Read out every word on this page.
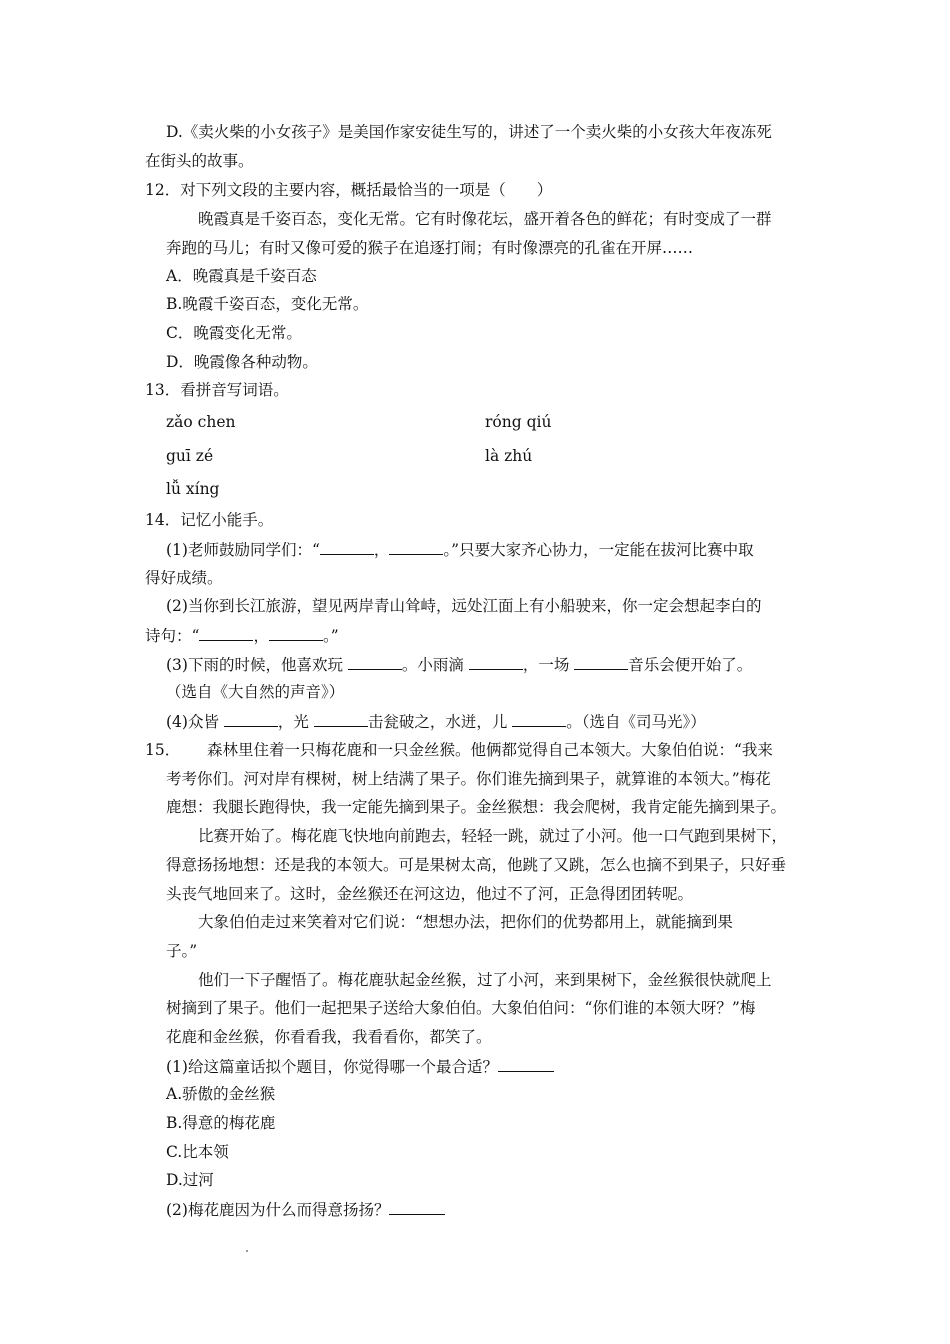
D.《卖火柴的小女孩子》是美国作家安徒生写的，讲述了一个卖火柴的小女孩大年夜冻死
在街头的故事。
12．对下列文段的主要内容，概括最恰当的一项是（　　）
晚霞真是千姿百态，变化无常。它有时像花坛，盛开着各色的鲜花；有时变成了一群
奔跑的马儿；有时又像可爱的猴子在追逐打闹；有时像漂亮的孔雀在开屏……
A．晚霞真是千姿百态
B.晚霞千姿百态，变化无常。
C．晚霞变化无常。
D．晚霞像各种动物。
13．看拼音写词语。
zǎo chen	róng qiú
guī zé	là zhú
lǚ xíng
14．记忆小能手。
(1)老师鼓励同学们：“	，	。”只要大家齐心协力，一定能在拔河比赛中取
得好成绩。
(2)当你到长江旅游，望见两岸青山耸峙，远处江面上有小船驶来，你一定会想起李白的
诗句：“	，	。”
(3)下雨的时候，他喜欢玩	。小雨滴	，一场	音乐会便开始了。
（选自《大自然的声音》）
(4)众皆	，光	击瓮破之，水迸，儿	。（选自《司马光》）
15． 森林里住着一只梅花鹿和一只金丝猴。他俩都觉得自己本领大。大象伯伯说：“我来
考考你们。河对岸有棵树，树上结满了果子。你们谁先摘到果子，就算谁的本领大。”梅花
鹿想：我腿长跑得快，我一定能先摘到果子。金丝猴想：我会爬树，我肯定能先摘到果子。
比赛开始了。梅花鹿飞快地向前跑去，轻轻一跳，就过了小河。他一口气跑到果树下，
得意扬扬地想：还是我的本领大。可是果树太高，他跳了又跳，怎么也摘不到果子，只好垂
头丧气地回来了。这时，金丝猴还在河这边，他过不了河，正急得团团转呢。
大象伯伯走过来笑着对它们说：“想想办法，把你们的优势都用上，就能摘到果
子。”
他们一下子醒悟了。梅花鹿驮起金丝猴，过了小河，来到果树下，金丝猴很快就爬上
树摘到了果子。他们一起把果子送给大象伯伯。大象伯伯问：“你们谁的本领大呀？”梅
花鹿和金丝猴，你看看我，我看看你，都笑了。
(1)给这篇童话拟个题目，你觉得哪一个最合适？
A.骄傲的金丝猴
B.得意的梅花鹿
C.比本领
D.过河
(2)梅花鹿因为什么而得意扬扬？
